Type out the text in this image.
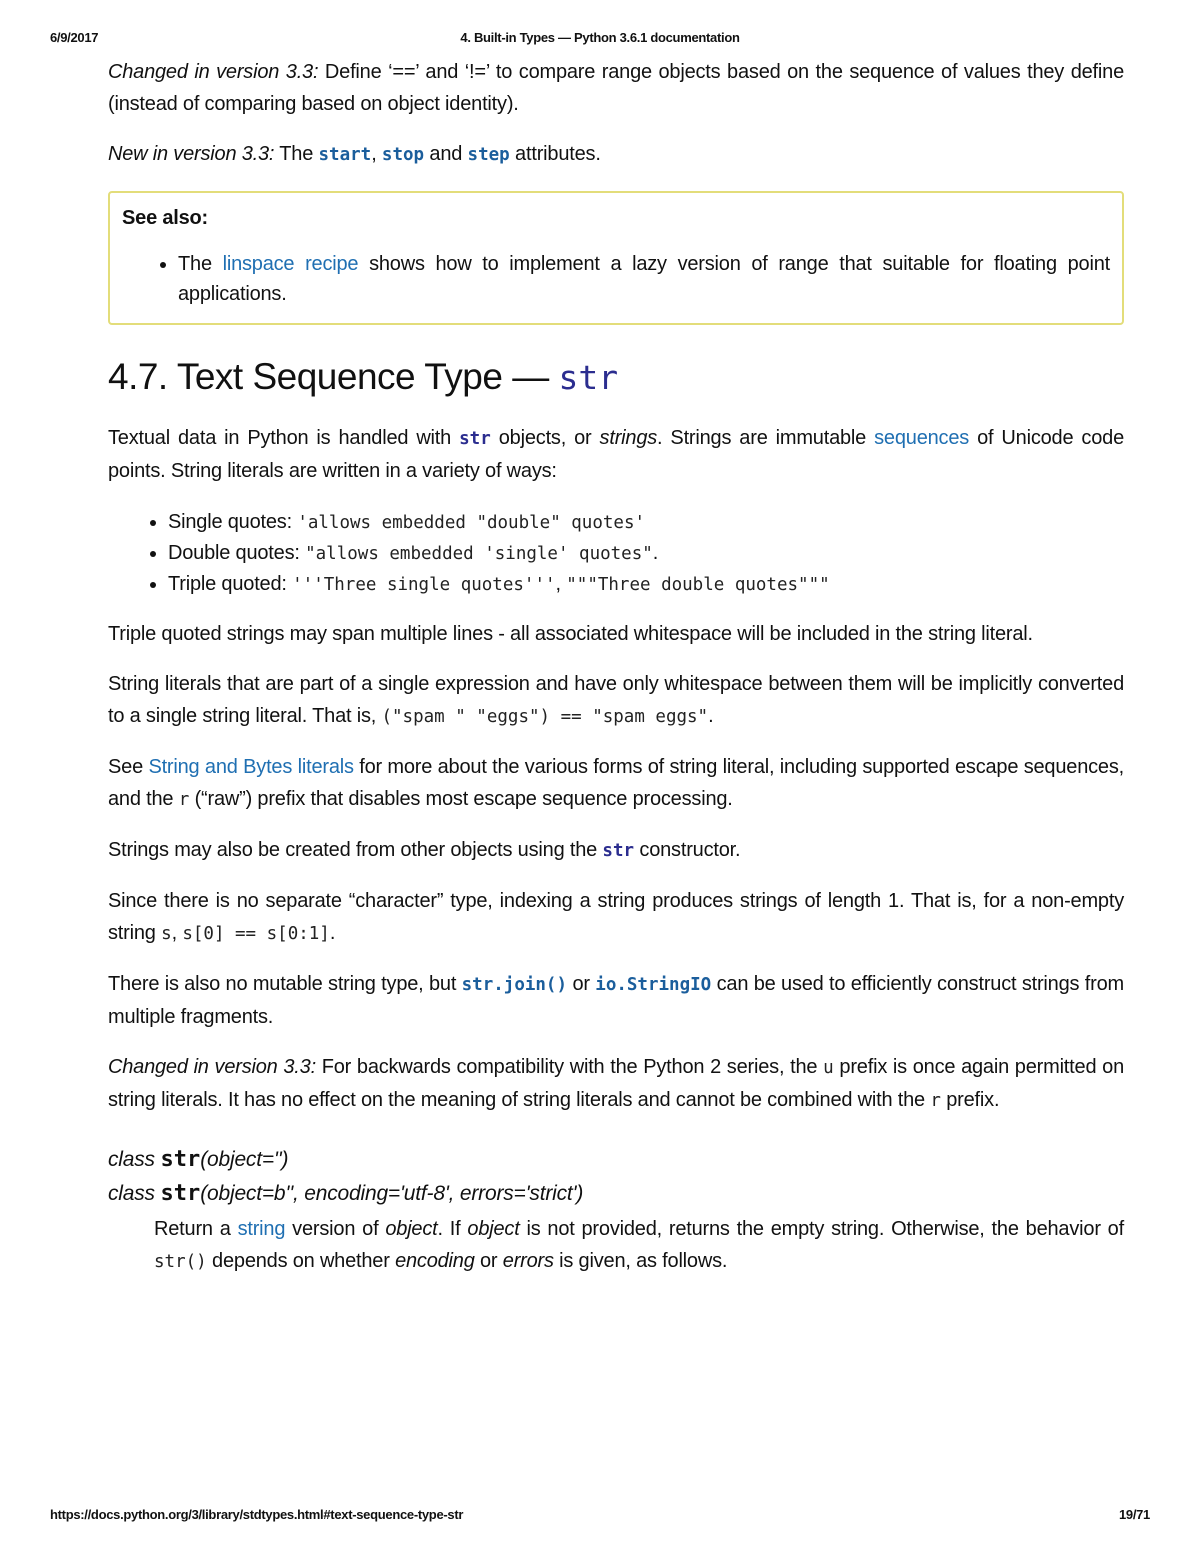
6/9/2017	4. Built-in Types — Python 3.6.1 documentation

Changed in version 3.3: Define ‘==’ and ‘!=’ to compare range objects based on the sequence of values they define (instead of comparing based on object identity).

New in version 3.3: The start, stop and step attributes.

See also:
• The linspace recipe shows how to implement a lazy version of range that suitable for floating point applications.
4.7. Text Sequence Type — str

Textual data in Python is handled with str objects, or strings. Strings are immutable sequences of Unicode code points. String literals are written in a variety of ways:

• Single quotes: 'allows embedded "double" quotes'
• Double quotes: "allows embedded 'single' quotes".
• Triple quoted: '''Three single quotes''', """Three double quotes"""

Triple quoted strings may span multiple lines - all associated whitespace will be included in the string literal.

String literals that are part of a single expression and have only whitespace between them will be implicitly converted to a single string literal. That is, ("spam " "eggs") == "spam eggs".

See String and Bytes literals for more about the various forms of string literal, including supported escape sequences, and the r (“raw”) prefix that disables most escape sequence processing.

Strings may also be created from other objects using the str constructor.

Since there is no separate “character” type, indexing a string produces strings of length 1. That is, for a non-empty string s, s[0] == s[0:1].

There is also no mutable string type, but str.join() or io.StringIO can be used to efficiently construct strings from multiple fragments.

Changed in version 3.3: For backwards compatibility with the Python 2 series, the u prefix is once again permitted on string literals. It has no effect on the meaning of string literals and cannot be combined with the r prefix.

class str(object='')
class str(object=b'', encoding='utf-8', errors='strict')

Return a string version of object. If object is not provided, returns the empty string. Otherwise, the behavior of str() depends on whether encoding or errors is given, as follows.

https://docs.python.org/3/library/stdtypes.html#text-sequence-type-str	19/71
